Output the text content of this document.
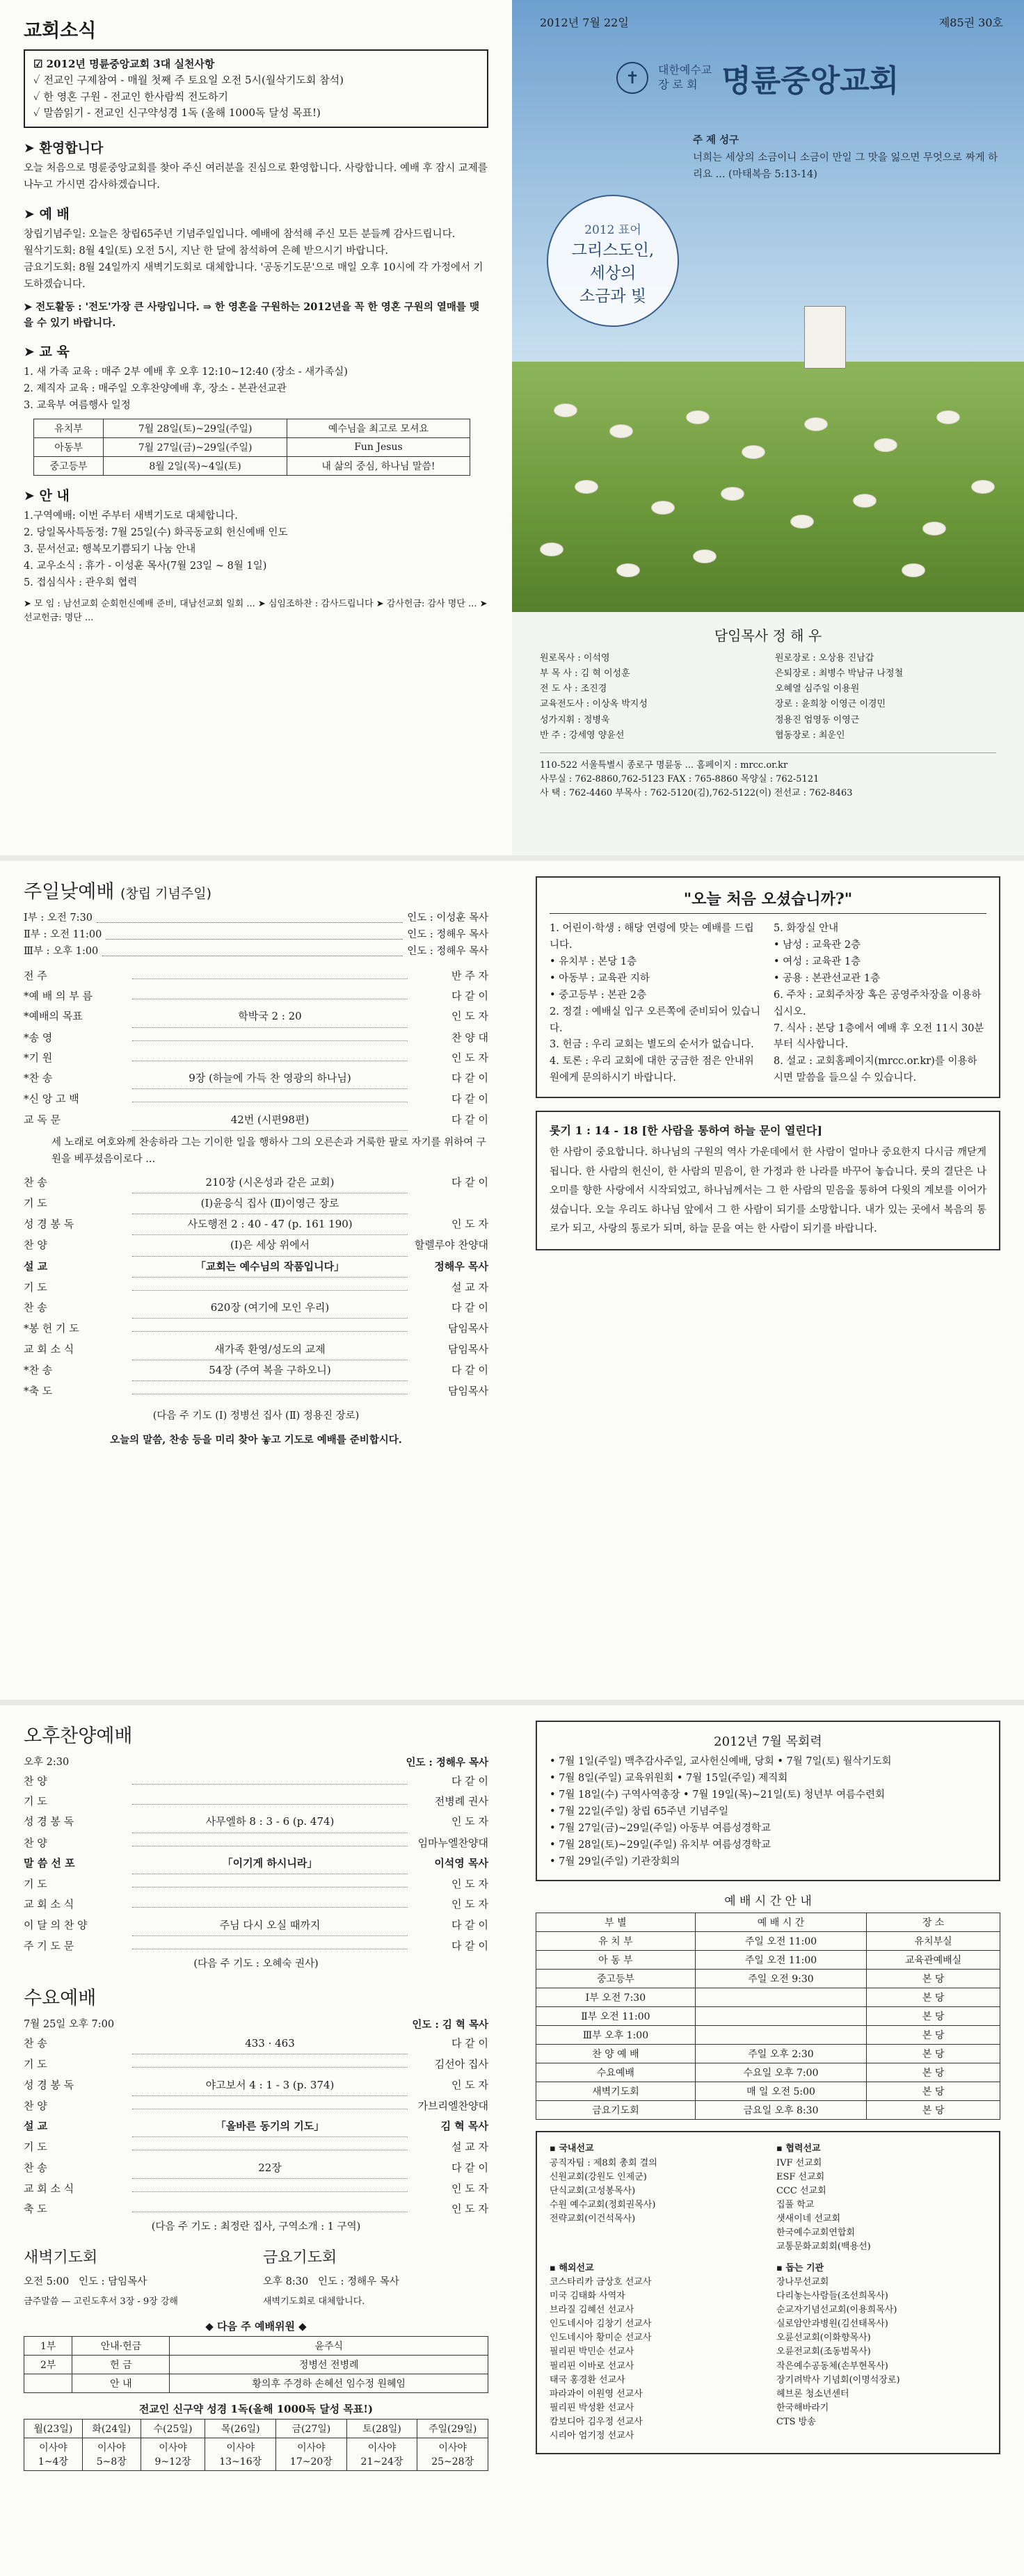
교회소식
☑ 2012년 명륜중앙교회 3대 실천사항
✓ 전교인 구제참여 - 매월 첫째 주 토요일 오전 5시(월삭기도회 참석)
✓ 한 영혼 구원 - 전교인 한사람씩 전도하기
✓ 말씀읽기 - 전교인 신구약성경 1독 (올해 1000독 달성 목표!)
➤ 환영합니다

오늘 처음으로 명륜중앙교회를 찾아 주신 여러분을 진심으로 환영합니다. 사랑합니다. 예배 후 잠시 교제를 나누고 가시면 감사하겠습니다.

➤ 예 배

창립기념주일: 오늘은 창립65주년 기념주일입니다. 예배에 참석해 주신 모든 분들께 감사드립니다.

월삭기도회: 8월 4일(토) 오전 5시, 지난 한 달에 참석하여 은혜 받으시기 바랍니다.

금요기도회: 8월 24일까지 새벽기도회로 대체합니다. '공동기도문'으로 매일 오후 10시에 각 가정에서 기도하겠습니다.

➤ 전도활동 : '전도'가장 큰 사랑입니다. ⇒ 한 영혼을 구원하는 2012년을 꼭 한 영혼 구원의 열매를 맺을 수 있기 바랍니다.

➤ 교 육

1. 새 가족 교육 : 매주 2부 예배 후 오후 12:10~12:40 (장소 - 새가족실)

2. 제직자 교육 : 매주일 오후찬양예배 후, 장소 - 본관선교관

3. 교육부 여름행사 일정

유치부	7월 28일(토)~29일(주일)	예수님을 최고로 모셔요
아동부	7월 27일(금)~29일(주일)	Fun Jesus
중고등부	8월 2일(목)~4일(토)	내 삶의 중심, 하나님 말씀!
➤ 안 내

1.구역예배: 이번 주부터 새벽기도로 대체합니다.

2. 당일목사특동정: 7월 25일(수) 화곡동교회 헌신예배 인도

3. 문서선교: 행복모기쁨되기 나눔 안내

4. 교우소식 : 휴가 - 이성훈 목사(7월 23일 ~ 8월 1일)

5. 접심식사 : 관우회 협력

➤ 모 임 : 남선교회 순회헌신예배 준비, 대남선교회 일회 ... ➤ 심임조하찬 : 감사드립니다 ➤ 감사헌금: 감사 명단 ... ➤ 선교헌금: 명단 ...

2012년 7월 22일	제85권 30호
✝	대한예수교
장 로 회 명륜중앙교회
주 제 성구
너희는 세상의 소금이니 소금이 만일 그 맛을 잃으면 무엇으로 짜게 하리요 ... (마태복음 5:13-14)
2012 표어
그리스도인,
세상의
소금과 빛
담임목사 정 해 우
원로목사 : 이석영	원로장로 : 오상용 진남갑
부 목 사 : 김 혁 이성훈	은퇴장로 : 최병수 박남규 나정철
전 도 사 : 조진경	오혜열 심주일 이용원
교육전도사 : 이상옥 박지성	장로 : 윤희창 이영근 이경민
성가지휘 : 정병욱	정용진 엄영동 이영근
반 주 : 강세영 양윤선	협동장로 : 최운인
110-522 서울특별시 종로구 명륜동 ... 홈페이지 : mrcc.or.kr
사무실 : 762-8860,762-5123 FAX : 765-8860 목양실 : 762-5121
사 택 : 762-4460 부목사 : 762-5120(김),762-5122(이) 전선교 : 762-8463
주일낮예배 (창립 기념주일)
Ⅰ부 : 오전 7:30	인도 : 이성훈 목사
Ⅱ부 : 오전 11:00	인도 : 정해우 목사
Ⅲ부 : 오후 1:00	인도 : 정해우 목사
전 주	반 주 자
*예 배 의 부 름	다 같 이
*예배의 목표	학박국 2 : 20	인 도 자
*송 영	찬 양 대
*기 원	인 도 자
*찬 송	9장 (하늘에 가득 찬 영광의 하나님)	다 같 이
*신 앙 고 백	다 같 이
교 독 문	42번 (시편98편)	다 같 이

세 노래로 여호와께 찬송하라 그는 기이한 일을 행하사 그의 오른손과 거룩한 팔로 자기를 위하여 구원을 베푸셨음이로다 ...

찬 송	210장 (시온성과 같은 교회)	다 같 이
기 도	(Ⅰ)윤응식 집사 (Ⅱ)이영근 장로
성 경 봉 독	사도행전 2 : 40 - 47 (p. 161 190)	인 도 자
찬 양	(Ⅰ)은 세상 위에서	할렐루야 찬양대
설 교	「교회는 예수님의 작품입니다」	정해우 목사
기 도	설 교 자
찬 송	620장 (여기에 모인 우리)	다 같 이
*봉 헌 기 도	담임목사
교 회 소 식	새가족 환영/성도의 교제	담임목사
*찬 송	54장 (주여 복을 구하오니)	다 같 이
*축 도	담임목사

(다음 주 기도 (Ⅰ) 정병선 집사 (Ⅱ) 정용진 장로)

오늘의 말씀, 찬송 등을 미리 찾아 놓고 기도로 예배를 준비합시다.

"오늘 처음 오셨습니까?"
1. 어린이·학생 : 해당 연령에 맞는 예배를 드립니다.
• 유치부 : 본당 1층
• 아동부 : 교육관 지하
• 중고등부 : 본관 2층
2. 정결 : 예배실 입구 오른쪽에 준비되어 있습니다.
3. 헌금 : 우리 교회는 별도의 순서가 없습니다.
4. 토론 : 우리 교회에 대한 궁금한 점은 안내위원에게 문의하시기 바랍니다.
5. 화장실 안내
• 남성 : 교육관 2층
• 여성 : 교육관 1층
• 공용 : 본관선교관 1층
6. 주차 : 교회주차장 혹은 공영주차장을 이용하십시오.
7. 식사 : 본당 1층에서 예배 후 오전 11시 30분부터 식사합니다.
8. 설교 : 교회홈페이지(mrcc.or.kr)를 이용하시면 말씀을 들으실 수 있습니다.
롯기 1 : 14 - 18 [한 사람을 통하여 하늘 문이 열린다]

한 사람이 중요합니다. 하나님의 구원의 역사 가운데에서 한 사람이 얼마나 중요한지 다시금 깨닫게 됩니다. 한 사람의 헌신이, 한 사람의 믿음이, 한 가정과 한 나라를 바꾸어 놓습니다. 룻의 결단은 나오미를 향한 사랑에서 시작되었고, 하나님께서는 그 한 사람의 믿음을 통하여 다윗의 계보를 이어가셨습니다. 오늘 우리도 하나님 앞에서 그 한 사람이 되기를 소망합니다. 내가 있는 곳에서 복음의 통로가 되고, 사랑의 통로가 되며, 하늘 문을 여는 한 사람이 되기를 바랍니다.

오후찬양예배
오후 2:30	인도 : 정해우 목사
찬 양	다 같 이
기 도	전병례 권사
성 경 봉 독	사무엘하 8 : 3 - 6 (p. 474)	인 도 자
찬 양	임마누엘찬양대
말 씀 선 포	「이기게 하시니라」	이석영 목사
기 도	인 도 자
교 회 소 식	인 도 자
이 달 의 찬 양	주님 다시 오실 때까지	다 같 이
주 기 도 문	다 같 이

(다음 주 기도 : 오혜숙 권사)

수요예배
7월 25일 오후 7:00	인도 : 김 혁 목사
찬 송	433 · 463	다 같 이
기 도	김선아 집사
성 경 봉 독	야고보서 4 : 1 - 3 (p. 374)	인 도 자
찬 양	가브리엘찬양대
설 교	「올바른 동기의 기도」	김 혁 목사
기 도	설 교 자
찬 송	22장	다 같 이
교 회 소 식	인 도 자
축 도	인 도 자

(다음 주 기도 : 최정란 집사, 구역소개 : 1 구역)

새벽기도회
오전 5:00 인도 : 담임목사
금주말씀 — 고린도후서 3장 - 9장 강해
금요기도회
오후 8:30 인도 : 정해우 목사
새벽기도회로 대체합니다.
◆ 다음 주 예배위원 ◆
1부	안내·헌금	윤주식
2부	헌 금	정병선 전병례
	안 내	황의후 주경하 손혜선 임수정 원혜임
전교인 신구약 성경 1독(올해 1000독 달성 목표!)
월(23일)	화(24일)	수(25일)	목(26일)	금(27일)	토(28일)	주일(29일)
이사야 1~4장	이사야 5~8장	이사야 9~12장	이사야 13~16장	이사야 17~20장	이사야 21~24장	이사야 25~28장
2012년 7월 목회력
• 7월 1일(주일) 맥추감사주일, 교사헌신예배, 당회 • 7월 7일(토) 월삭기도회
• 7월 8일(주일) 교육위원회 • 7월 15일(주일) 제직회
• 7월 18일(수) 구역사역총장 • 7월 19일(목)~21일(토) 청년부 여름수련회
• 7월 22일(주일) 창립 65주년 기념주일
• 7월 27일(금)~29일(주일) 아동부 여름성경학교
• 7월 28일(토)~29일(주일) 유치부 여름성경학교
• 7월 29일(주일) 기관장회의
예 배 시 간 안 내
부 별	예 배 시 간	장 소
유 치 부	주일 오전 11:00	유치부실
아 동 부	주일 오전 11:00	교육관예배실
중고등부	주일 오전 9:30	본 당
Ⅰ부 오전 7:30		본 당
Ⅱ부 오전 11:00		본 당
Ⅲ부 오후 1:00		본 당
찬 양 예 배	주일 오후 2:30	본 당
수요예배	수요일 오후 7:00	본 당
새벽기도회	매 일 오전 5:00	본 당
금요기도회	금요일 오후 8:30	본 당
▪ 국내선교
공직자팀 : 제8회 총회 결의
신원교회(강원도 인제군)
단식교회(고성봉목사)
수원 예수교회(정회권목사)
전략교회(이건석목사)
▪ 협력선교
IVF 선교회
ESF 선교회
CCC 선교회
집풀 학교
샛새이네 선교회
한국예수교회연합회
교통문화교회회(백용선)
▪ 해외선교
코스타리카 금상호 선교사
미국 김태화 사역자
브라질 김혜선 선교사
인도네시아 김창기 선교사
인도네시아 황미순 선교사
필리핀 박민순 선교사
필리핀 이바로 선교사
태국 홍경환 선교사
파라과이 이원영 선교사
필리핀 박성환 선교사
캄보디아 김우정 선교사
시리아 엄기정 선교사
▪ 돕는 기관
장나무선교회
다리놓는사람들(조선희목사)
순교자기념선교회(이용희목사)
실로암안과병원(김선태목사)
오륜선교회(이화향목사)
오륜전교회(조동범목사)
작은예수공동체(손부현목사)
장기려박사 기념회(이명석장로)
헤브론 청소년센터
한국해바라기
CTS 방송
